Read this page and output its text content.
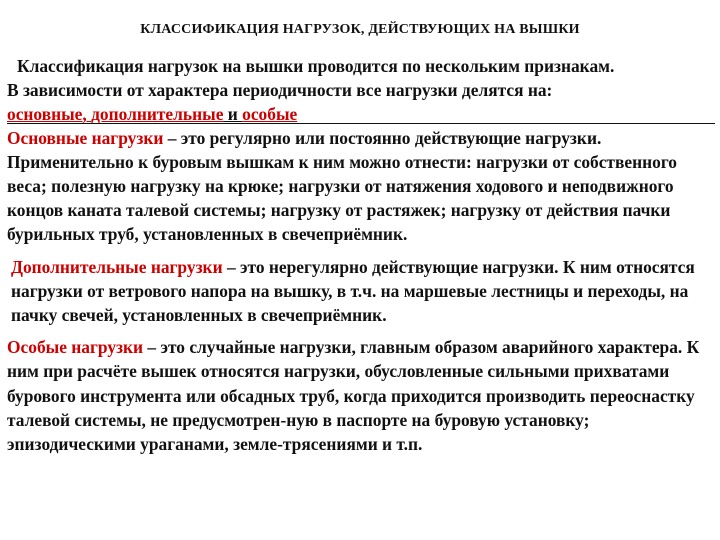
КЛАССИФИКАЦИЯ НАГРУЗОК, ДЕЙСТВУЮЩИХ НА ВЫШКИ

Классификация нагрузок на вышки проводится по нескольким признакам.

В зависимости от характера периодичности все нагрузки делятся на:

основные, дополнительные и особые

Основные нагрузки – это регулярно или постоянно действующие нагрузки. Применительно к буровым вышкам к ним можно отнести: нагрузки от собственного веса; полезную нагрузку на крюке; нагрузки от натяжения ходового и неподвижного концов каната талевой системы; нагрузку от растяжек; нагрузку от действия пачки бурильных труб, установленных в свечеприёмник.

Дополнительные нагрузки – это нерегулярно действующие нагрузки. К ним относятся нагрузки от ветрового напора на вышку, в т.ч. на маршевые лестницы и переходы, на пачку свечей, установленных в свечеприёмник.

Особые нагрузки – это случайные нагрузки, главным образом аварийного характера. К ним при расчёте вышек относятся нагрузки, обусловленные сильными прихватами бурового инструмента или обсадных труб, когда приходится производить переоснастку талевой системы, не предусмотрен-ную в паспорте на буровую установку; эпизодическими ураганами, земле-трясениями и т.п.
